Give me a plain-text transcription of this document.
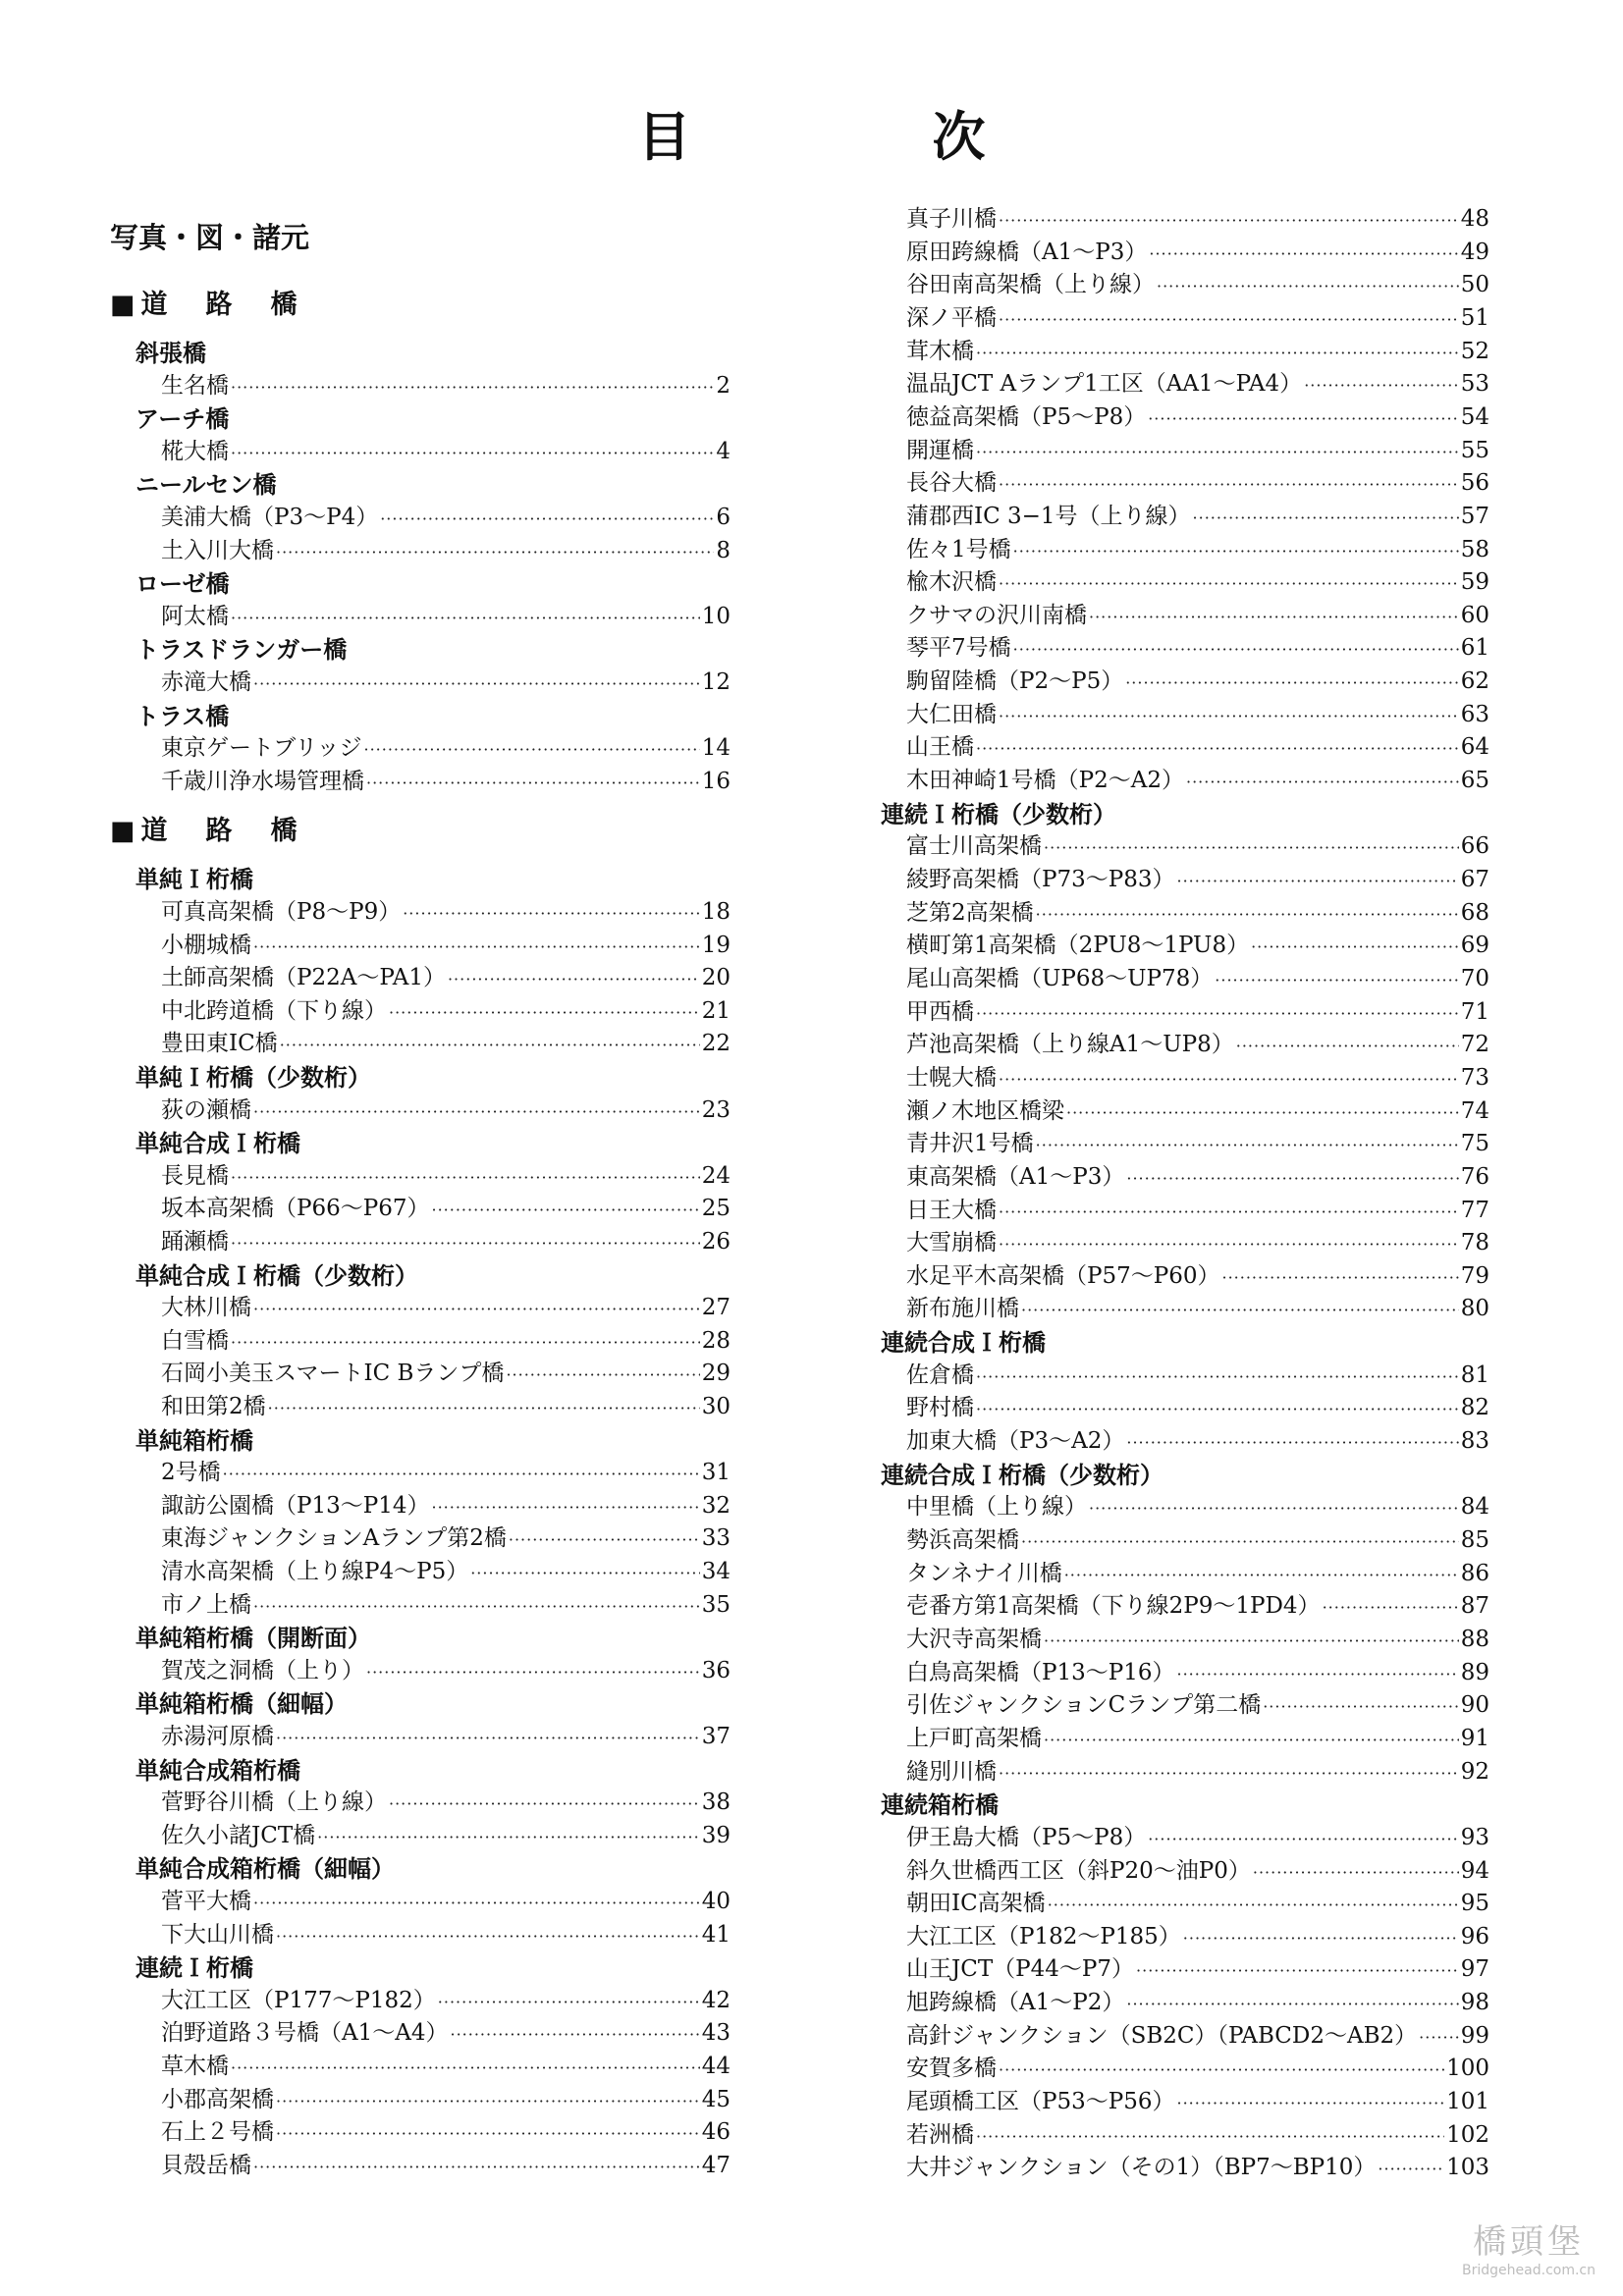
目　次
写真・図・諸元
■道　路　橋
斜張橋
生名橋 ·····	2
アーチ橋
椛大橋 ·····	4
ニールセン橋
美浦大橋（P3〜P4） ·····	6
土入川大橋 ·····	8
ローゼ橋
阿太橋 ·····	10
トラスドランガー橋
赤滝大橋 ·····	12
トラス橋
東京ゲートブリッジ ·····	14
千歳川浄水場管理橋 ·····	16
■道　路　橋
単純Ｉ桁橋
可真高架橋（P8〜P9） ·····	18
小棚城橋 ·····	19
土師高架橋（P22A〜PA1） ·····	20
中北跨道橋（下り線） ·····	21
豊田東IC橋 ·····	22
単純Ｉ桁橋（少数桁）
荻の瀬橋 ·····	23
単純合成Ｉ桁橋
長見橋 ·····	24
坂本高架橋（P66〜P67） ·····	25
踊瀬橋 ·····	26
単純合成Ｉ桁橋（少数桁）
大林川橋 ·····	27
白雪橋 ·····	28
石岡小美玉スマートIC Bランプ橋 ·····	29
和田第2橋 ·····	30
単純箱桁橋
2号橋 ·····	31
諏訪公園橋（P13〜P14） ·····	32
東海ジャンクションAランプ第2橋 ·····	33
清水高架橋（上り線P4〜P5） ·····	34
市ノ上橋 ·····	35
単純箱桁橋（開断面）
賀茂之洞橋（上り） ·····	36
単純箱桁橋（細幅）
赤湯河原橋 ·····	37
単純合成箱桁橋
菅野谷川橋（上り線） ·····	38
佐久小諸JCT橋 ·····	39
単純合成箱桁橋（細幅）
菅平大橋 ·····	40
下大山川橋 ·····	41
連続Ｉ桁橋
大江工区（P177〜P182） ·····	42
泊野道路３号橋（A1〜A4） ·····	43
草木橋 ·····	44
小郡高架橋 ·····	45
石上２号橋 ·····	46
貝殻岳橋 ·····	47
真子川橋 ·····	48
原田跨線橋（A1〜P3） ·····	49
谷田南高架橋（上り線） ·····	50
深ノ平橋 ·····	51
茸木橋 ·····	52
温品JCT Aランプ1工区（AA1〜PA4） ·····	53
徳益高架橋（P5〜P8） ·····	54
開運橋 ·····	55
長谷大橋 ·····	56
蒲郡西IC 3−1号（上り線） ·····	57
佐々1号橋 ·····	58
楡木沢橋 ·····	59
クサマの沢川南橋 ·····	60
琴平7号橋 ·····	61
駒留陸橋（P2〜P5） ·····	62
大仁田橋 ·····	63
山王橋 ·····	64
木田神崎1号橋（P2〜A2） ·····	65
連続Ｉ桁橋（少数桁）
富士川高架橋 ·····	66
綾野高架橋（P73〜P83） ·····	67
芝第2高架橋 ·····	68
横町第1高架橋（2PU8〜1PU8） ·····	69
尾山高架橋（UP68〜UP78） ·····	70
甲西橋 ·····	71
芦池高架橋（上り線A1〜UP8） ·····	72
士幌大橋 ·····	73
瀬ノ木地区橋梁 ·····	74
青井沢1号橋 ·····	75
東高架橋（A1〜P3） ·····	76
日王大橋 ·····	77
大雪崩橋 ·····	78
水足平木高架橋（P57〜P60） ·····	79
新布施川橋 ·····	80
連続合成Ｉ桁橋
佐倉橋 ·····	81
野村橋 ·····	82
加東大橋（P3〜A2） ·····	83
連続合成Ｉ桁橋（少数桁）
中里橋（上り線） ·····	84
勢浜高架橋 ·····	85
タンネナイ川橋 ·····	86
壱番方第1高架橋（下り線2P9〜1PD4） ·····	87
大沢寺高架橋 ·····	88
白鳥高架橋（P13〜P16） ·····	89
引佐ジャンクションCランプ第二橋 ·····	90
上戸町高架橋 ·····	91
縫別川橋 ·····	92
連続箱桁橋
伊王島大橋（P5〜P8） ·····	93
斜久世橋西工区（斜P20〜油P0） ·····	94
朝田IC高架橋 ·····	95
大江工区（P182〜P185） ·····	96
山王JCT（P44〜P7） ·····	97
旭跨線橋（A1〜P2） ·····	98
高針ジャンクション（SB2C）（PABCD2〜AB2） ····· 99
安賀多橋 ·····	100
尾頭橋工区（P53〜P56） ·····	101
若洲橋 ·····	102
大井ジャンクション（その1）（BP7〜BP10） ·····	103
橋頭堡
Bridgehead.com.cn
